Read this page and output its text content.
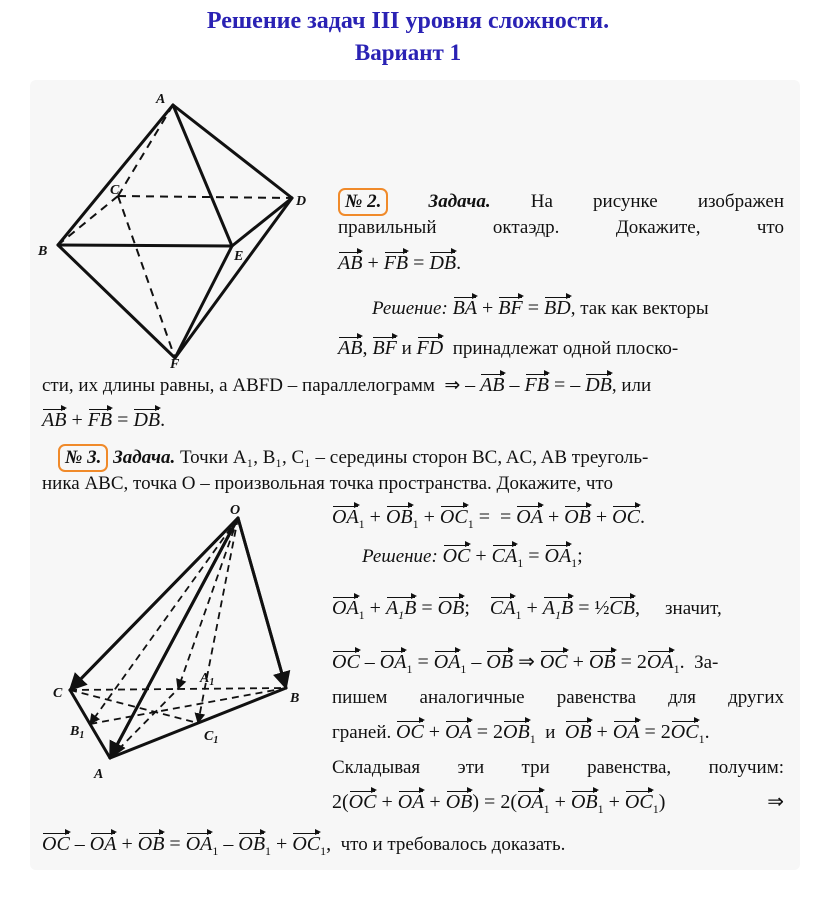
Решение задач III уровня сложности.
Вариант 1
A
B
C
D
E
F
O
C	B
A
$A_1$
$B_1$	$C_1$
№ 2. Задача. На рисунке изображен
правильный октаэдр. Докажите, что
AB + FB = DB.
Решение: BA + BF = BD, так как векторы
AB, BF и FD принадлежат одной плоско-
сти, их длины равны, а ABFD – параллелограмм  ⇒ – AB – FB = – DB, или
AB + FB = DB.
№ 3. Задача. Точки A₁, B₁, C₁ – середины сторон BC, AC, AB треуголь-
ника ABC, точка O – произвольная точка пространства. Докажите, что
$OA_1 + OB_1 + OC_1$ =  = OA + OB + OC.
Решение: OC + $CA_1 = OA_1$;
$OA_1 + A_1B$ = OB;    $CA_1 + A_1B$ = ½CB,     значит,
OC – $OA_1 = OA_1$ – OB ⇒ OC + OB = $2OA_1$. За-
пишем аналогичные равенства для других
граней. OC + OA = $2OB_1$ и OB + OA = $2OC_1$.
Складывая эти три равенства, получим:
2(OC + OA + $OB) = 2(OA_1 + OB_1 + OC_1)$	⇒
OC – OA + OB = $OA_1 - OB_1 + OC_1$, что и требовалось доказать.
